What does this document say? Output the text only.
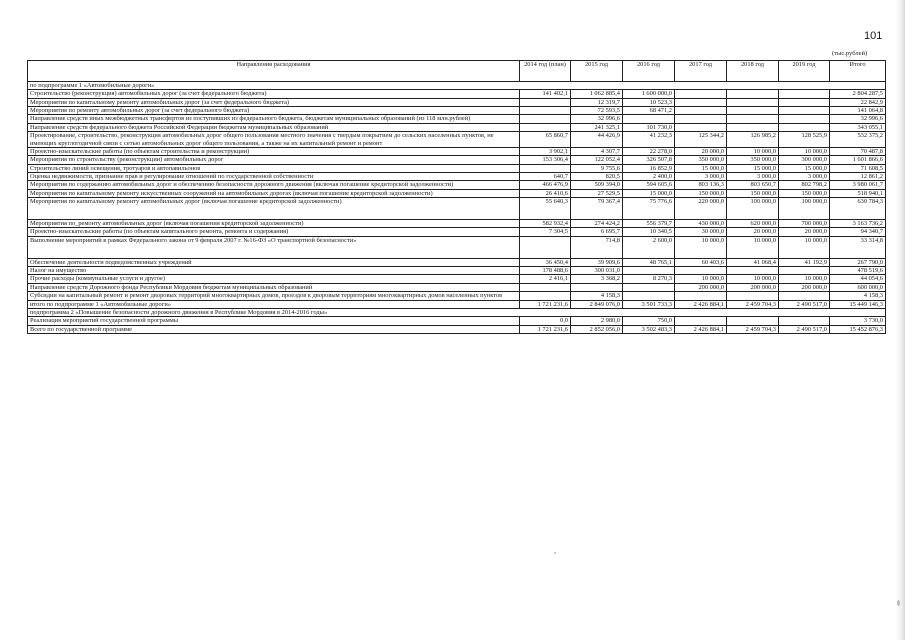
101
(тыс.рублей)
Направления расходования	2014 год (план)	2015 год	2016 год	2017 год	2018 год	2019 год	Итого
по подпрограмме 1 «Автомобильные дороги»							
Строительство (реконструкция) автомобильных дорог (за счет федерального бюджета)	141 402,1	1 062 885,4	1 600 000,0				2 804 287,5
Мероприятия по капитальному ремонту автомобильных дорог (за счет федерального бюджета)		12 319,7	10 523,3				22 842,9
Мероприятия по ремонту автомобильных дорог (за счет федерального бюджета)		72 593,5	68 471,2				141 064,8
Направление средств иных межбюджетных трансфертов из поступивших из федерального бюджета, бюджетам муниципальных образований (из 118 млн.рублей)		32 996,6					32 996,6
Направление средств федерального бюджета Российской Федерации бюджетам муниципальных образований		241 325,1	101 730,0				343 055,1
Проектирование, строительство, реконструкция автомобильных дорог общего пользования местного значения с твердым покрытием до сельских населенных пунктов, не имеющих круглогодичной связи с сетью автомобильных дорог общего пользования, а также на их капитальный ремонт и ремонт	65 860,7	44 426,9	41 232,3	125 344,2	126 985,2	128 525,9	532 375,2
Проектно-изыскательские работы (по объектам строительства и реконструкции)	3 902,1	4 307,7	22 278,0	20 000,0	10 000,0	10 000,0	70 487,8
Мероприятия по строительству (реконструкции) автомобильных дорог	153 306,4	122 052,4	326 507,8	350 000,0	350 000,0	300 000,0	1 601 866,6
Строительство линий освещения, тротуаров и автопавильонов		9 755,6	16 852,9	15 000,0	15 000,0	15 000,0	71 608,5
Оценка недвижимости, признание прав и регулирование отношений по государственной собственности	640,7	820,5	2 400,0	3 000,0	3 000,0	3 000,0	12 861,2
Мероприятия по содержанию автомобильных дорог и обеспечению безопасности дорожного движения (включая погашение кредиторской задолженности)	466 476,9	509 394,0	594 605,6	803 136,3	803 650,7	802 798,2	3 980 061,7
Мероприятия по капитальному ремонту искусственных сооружений на автомобильных дорогах (включая погашение кредиторской задолженности)	26 410,6	27 529,5	15 000,0	150 000,0	150 000,0	150 000,0	518 940,1
Мероприятия по капитальному ремонту автомобильных дорог (включая погашение кредиторской задолженности)	55 640,3	79 367,4	75 776,6	220 000,0	100 000,0	100 000,0	630 784,3
Мероприятия по_ремонту автомобильных дорог (включая погашения кредиторской задолженности)	582 932,4	274 424,2	556 379,7	430 000,0	620 000,0	700 000,0	3 163 736,2
Проектно-изыскательские работы (по объектам капитального ремонта, ремонта и содержания)	7 304,5	6 695,7	10 340,5	30 000,0	20 000,0	20 000,0	94 340,7
Выполнение мероприятий в рамках Федерального закона от 9 февраля 2007 г. №16-ФЗ «О транспортной безопасности»		714,8	2 600,0	10 000,0	10 000,0	10 000,0	33 314,8
Обеспечение деятельности подведомственных учреждений	36 450,4	39 909,6	48 765,1	60 403,6	41 068,4	41 192,9	267 790,0
Налог на имущество	178 488,6	300 031,0					478 519,6
Прочие расходы (коммунальные услуги и другое)	2 416,1	3 368,2	8 270,3	10 000,0	10 000,0	10 000,0	44 054,6
Направление средств Дорожного фонда Республики Мордовия бюджетам муниципальных образований				200 000,0	200 000,0	200 000,0	600 000,0
Субсидии на капитальный ремонт и ремонт дворовых территорий многоквартирных домов, проездов к дворовым территориям многоквартирных домов населенных пунктов		4 158,3					4 158,3
итого по подпрограмме 1 «Автомобильные дороги»	1 721 231,6	2 849 076,0	3 501 733,3	2 426 884,1	2 459 704,3	2 490 517,0	15 449 146,3
подпрограмма 2 «Повышение безопасности дорожного движения в Республике Мордовия в 2014-2016 годы»							
Реализация мероприятий государственной программы	0,0	2 980,0	750,0				3 730,0
Всего по государственной программе	1 721 231,6	2 852 056,0	3 502 483,3	2 426 884,1	2 459 704,3	2 490 517,0	15 452 876,3
